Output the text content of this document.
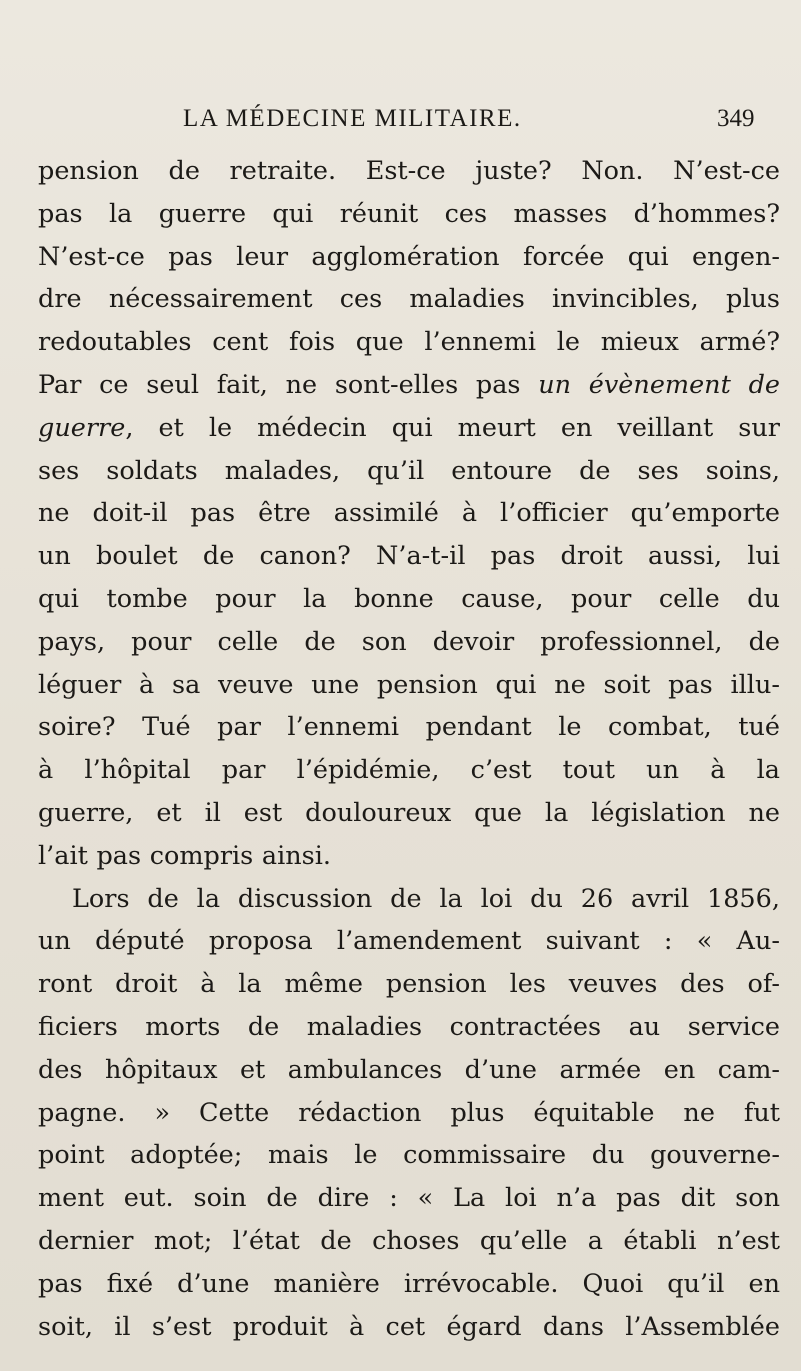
LA MÉDECINE MILITAIRE.	349
pension de retraite. Est-ce juste? Non. N’est-ce
pas la guerre qui réunit ces masses d’hommes?
N’est-ce pas leur agglomération forcée qui engen-
dre nécessairement ces maladies invincibles, plus
redoutables cent fois que l’ennemi le mieux armé?
Par ce seul fait, ne sont-elles pas un évènement de
guerre, et le médecin qui meurt en veillant sur
ses soldats malades, qu’il entoure de ses soins,
ne doit-il pas être assimilé à l’officier qu’emporte
un boulet de canon? N’a-t-il pas droit aussi, lui
qui tombe pour la bonne cause, pour celle du
pays, pour celle de son devoir professionnel, de
léguer à sa veuve une pension qui ne soit pas illu-
soire? Tué par l’ennemi pendant le combat, tué
à l’hôpital par l’épidémie, c’est tout un à la
guerre, et il est douloureux que la législation ne
l’ait pas compris ainsi.
Lors de la discussion de la loi du 26 avril 1856,
un député proposa l’amendement suivant : « Au-
ront droit à la même pension les veuves des of-
ficiers morts de maladies contractées au service
des hôpitaux et ambulances d’une armée en cam-
pagne. » Cette rédaction plus équitable ne fut
point adoptée; mais le commissaire du gouverne-
ment eut. soin de dire : « La loi n’a pas dit son
dernier mot; l’état de choses qu’elle a établi n’est
pas fixé d’une manière irrévocable. Quoi qu’il en
soit, il s’est produit à cet égard dans l’Assemblée
